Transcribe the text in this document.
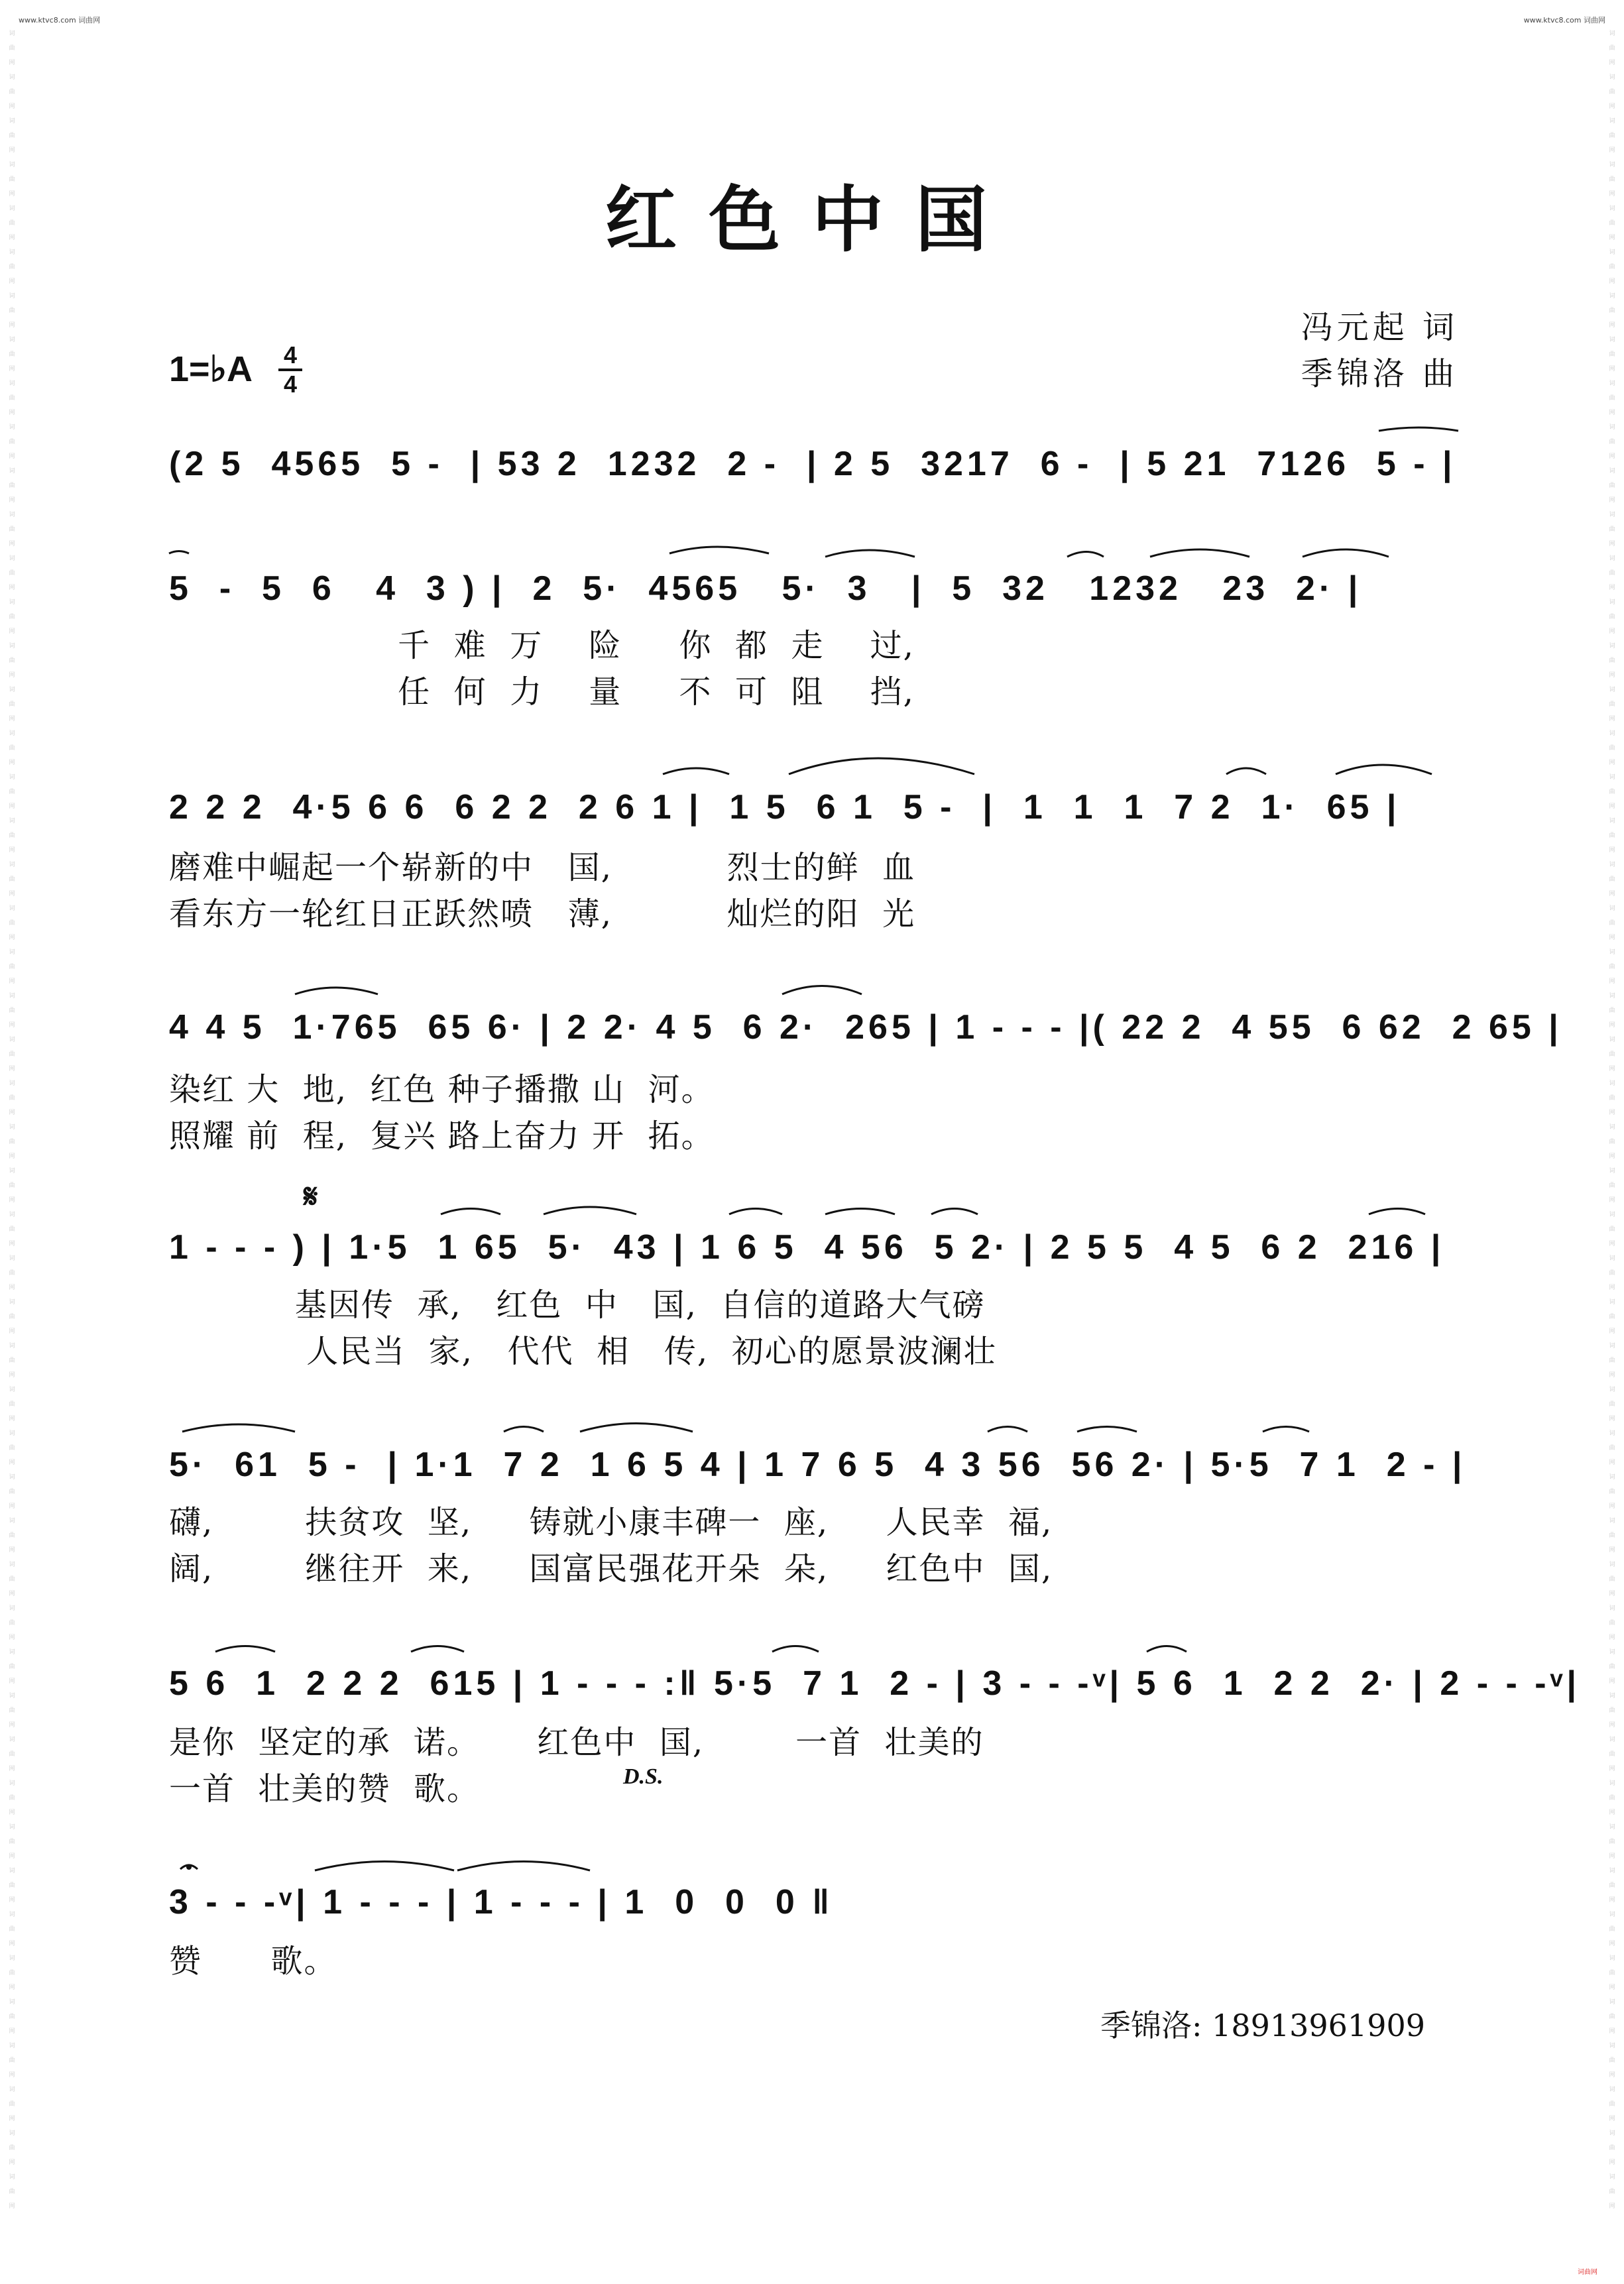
词
曲
网
词
曲
网
词
曲
网
词
曲
网
词
曲
网
词
曲
网
词
曲
网
词
曲
网
词
曲
网
词
曲
网
词
曲
网
词
曲
网
词
曲
网
词
曲
网
词
曲
网
词
曲
网
词
曲
网
词
曲
网
词
曲
网
词
曲
网
词
曲
网
词
曲
网
词
曲
网
词
曲
网
词
曲
网
词
曲
网
词
曲
网
词
曲
网
词
曲
网
词
曲
网
词
曲
网
词
曲
网
词
曲
网
词
曲
网
词
曲
网
词
曲
网
词
曲
网
词
曲
网
词
曲
网
词
曲
网
词
曲
网
词
曲
网
词
曲
网
词
曲
网
词
曲
网
词
曲
网
词
曲
网
词
曲
网
词
曲
网
词
曲
网
词
曲
网
词
曲
网
词
曲
网
词
曲
网
词
曲
网
词
曲
网
词
曲
网
词
曲
网
词
曲
网
词
曲
网
词
曲
网
词
曲
网
词
曲
网
词
曲
网
词
曲
网
词
曲
网
词
曲
网
词
曲
网
词
曲
网
词
曲
网
词
曲
网
词
曲
网
词
曲
网
词
曲
网
词
曲
网
词
曲
网
词
曲
网
词
曲
网
词
曲
网
词
曲
网
词
曲
网
词
曲
网
词
曲
网
词
曲
网
词
曲
网
词
曲
网
词
曲
网
词
曲
网
词
曲
网
词
曲
网
词
曲
网
词
曲
网
词
曲
网
词
曲
网
词
曲
网
词
曲
网
词
曲
网
词
曲
网
词
曲
网
词
曲
网
www.ktvc8.com 词曲网	www.ktvc8.com 词曲网
红色中国
冯元起 词
季锦洛 曲
1=♭A 4
4
(2 5  4565  5 -  | 53 2  1232  2 -  | 2 5  3217  6 -  | 5 21  7126  5 - |
5  -  5  6   4  3 ) |  2  5·  4565   5·  3   |  5  32   1232   23  2· |
千  难  万    险     你  都  走    过,
任  何  力    量     不  可  阻    挡,
2 2 2  4·5 6 6  6 2 2  2 6 1 |  1 5  6 1  5 -  |  1  1  1  7 2  1·  65 |
磨难中崛起一个崭新的中   国,          烈士的鲜  血
看东方一轮红日正跃然喷   薄,          灿烂的阳  光
4 4 5  1·765  65 6· | 2 2· 4 5  6 2·  265 | 1 - - - |( 22 2  4 55  6 62  2 65 |
染红 大  地,  红色 种子播撒 山  河。
照耀 前  程,  复兴 路上奋力 开  拓。
𝄋
1 - - - ) | 1·5  1 65  5·  43 | 1 6 5  4 56  5 2· | 2 5 5  4 5  6 2  216 |
基因传  承,   红色  中   国,  自信的道路大气磅
人民当  家,   代代  相   传,  初心的愿景波澜壮
5·  61  5 -  | 1·1  7 2  1 6 5 4 | 1 7 6 5  4 3 56  56 2· | 5·5  7 1  2 - |
礴,        扶贫攻  坚,     铸就小康丰碑一  座,     人民幸  福,
阔,        继往开  来,     国富民强花开朵  朵,     红色中  国,
5 6  1  2 2 2  615 | 1 - - - :‖ 5·5  7 1  2 - | 3 - - -ᵛ| 5 6  1  2 2  2· | 2 - - -ᵛ|
是你  坚定的承  诺。     红色中  国,        一首  壮美的
一首  壮美的赞  歌。	D.S.
3 - - -ᵛ| 1 - - - | 1 - - - | 1  0  0  0 ‖
赞      歌。
季锦洛: 18913961909
词曲网
